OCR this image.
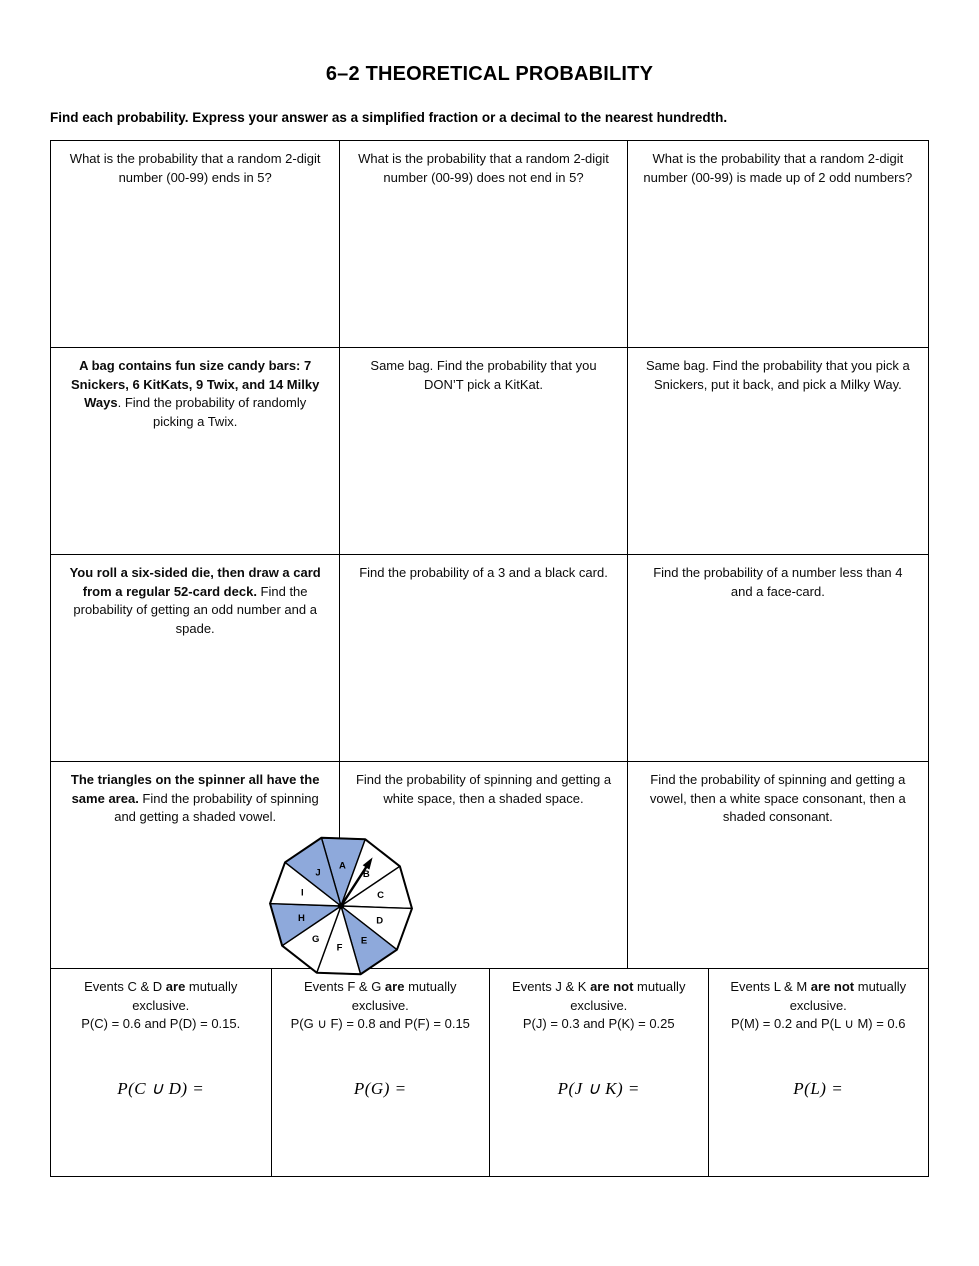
6–2 THEORETICAL PROBABILITY
Find each probability. Express your answer as a simplified fraction or a decimal to the nearest hundredth.
What is the probability that a random 2-digit number (00-99) ends in 5?
What is the probability that a random 2-digit number (00-99) does not end in 5?
What is the probability that a random 2-digit number (00-99) is made up of 2 odd numbers?
A bag contains fun size candy bars: 7 Snickers, 6 KitKats, 9 Twix, and 14 Milky Ways. Find the probability of randomly picking a Twix.
Same bag. Find the probability that you DON’T pick a KitKat.
Same bag. Find the probability that you pick a Snickers, put it back, and pick a Milky Way.
You roll a six-sided die, then draw a card from a regular 52-card deck. Find the probability of getting an odd number and a spade.
Find the probability of a 3 and a black card.	Find the probability of a number less than 4 and a face-card.
The triangles on the spinner all have the same area. Find the probability of spinning and getting a shaded vowel.
Find the probability of spinning and getting a white space, then a shaded space.
Find the probability of spinning and getting a vowel, then a white space consonant, then a shaded consonant.
Events C & D are mutually exclusive.
P(C) = 0.6 and P(D) = 0.15.
P(C ∪ D) =
Events F & G are mutually exclusive.
P(G ∪ F) = 0.8 and P(F) = 0.15
P(G) =
Events J & K are not mutually exclusive.
P(J) = 0.3 and P(K) = 0.25
P(J ∪ K) =
Events L & M are not mutually exclusive.
P(M) = 0.2 and P(L ∪ M) = 0.6
P(L) =
A
B
C
D
E
F
G
H
I
J
